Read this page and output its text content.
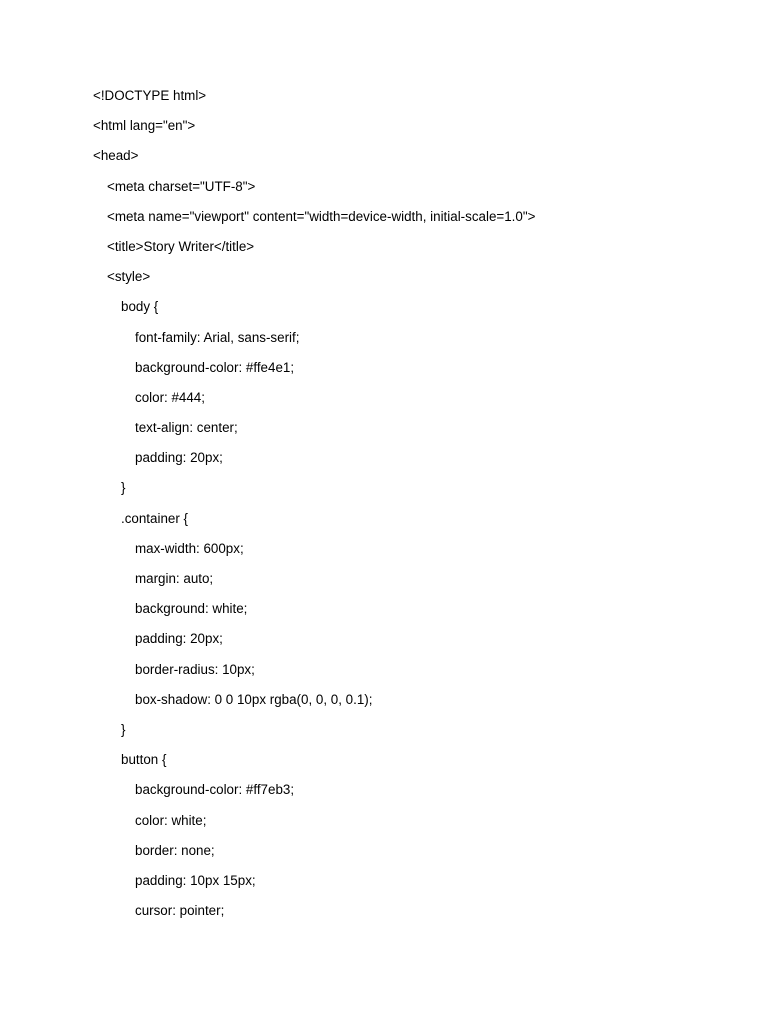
<!DOCTYPE html>
<html lang="en">
<head>
<meta charset="UTF-8">
<meta name="viewport" content="width=device-width, initial-scale=1.0">
<title>Story Writer</title>
<style>
body {
font-family: Arial, sans-serif;
background-color: #ffe4e1;
color: #444;
text-align: center;
padding: 20px;
}
.container {
max-width: 600px;
margin: auto;
background: white;
padding: 20px;
border-radius: 10px;
box-shadow: 0 0 10px rgba(0, 0, 0, 0.1);
}
button {
background-color: #ff7eb3;
color: white;
border: none;
padding: 10px 15px;
cursor: pointer;
